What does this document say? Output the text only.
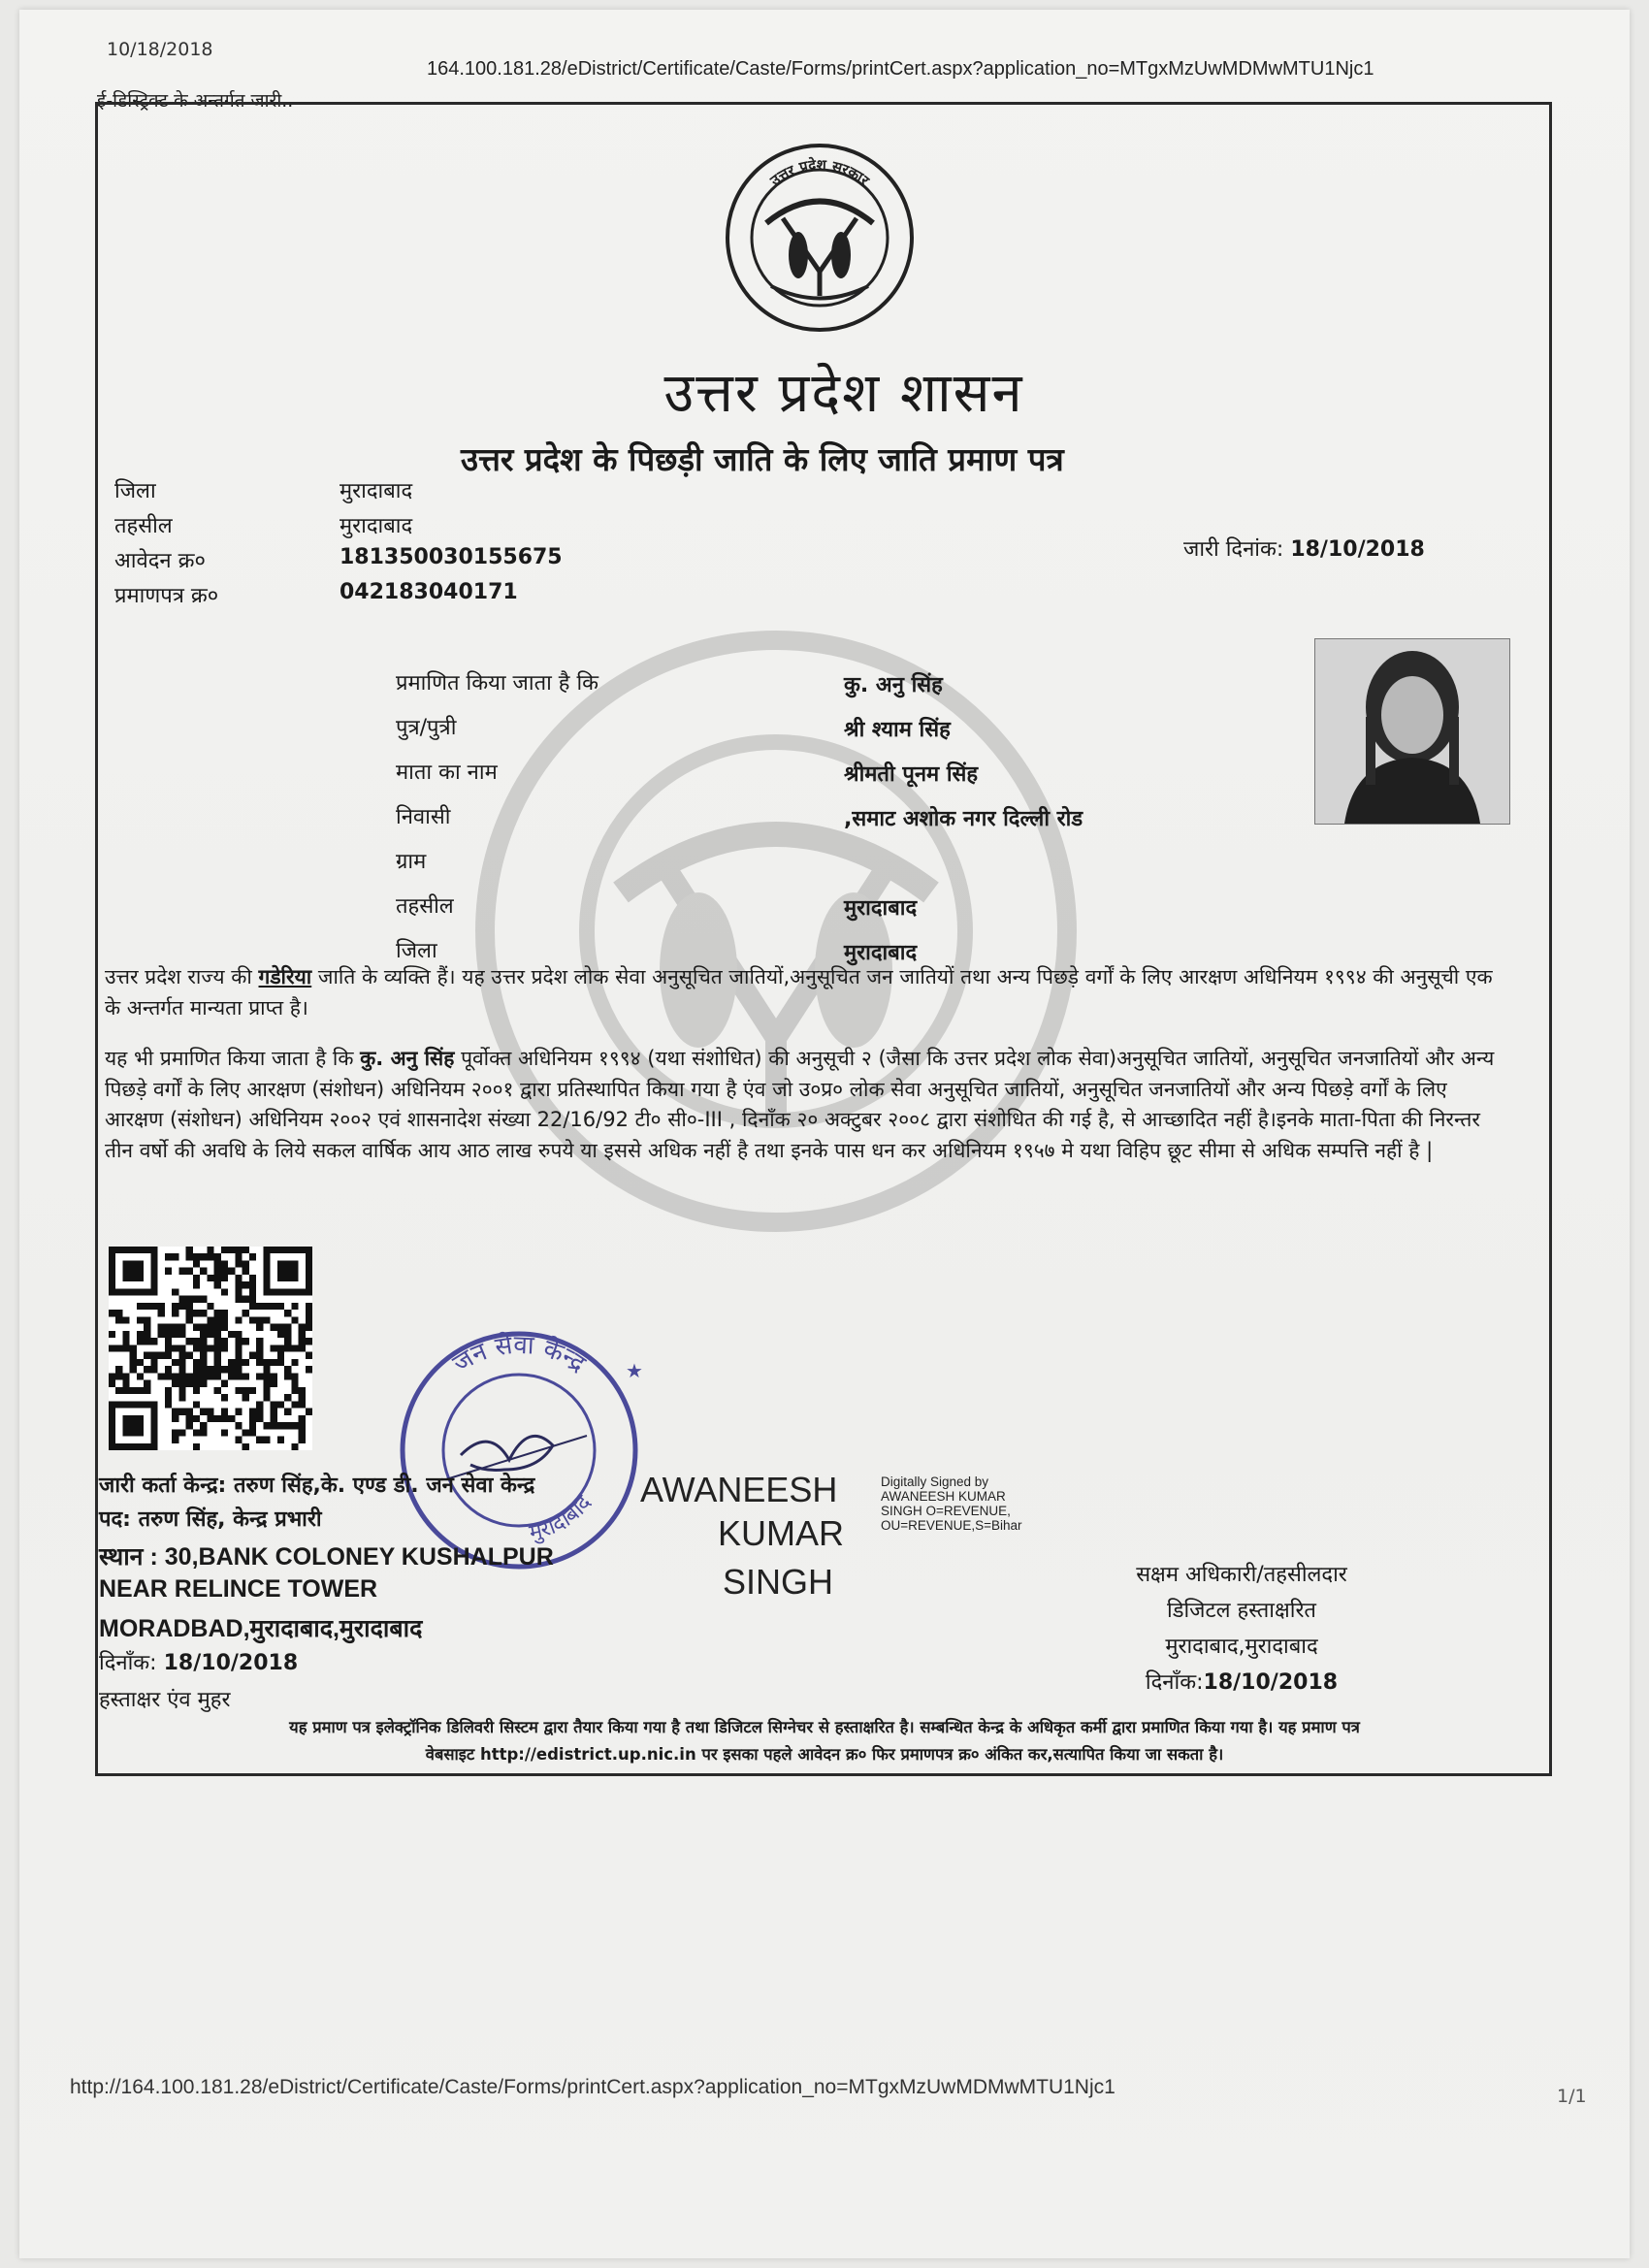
10/18/2018
164.100.181.28/eDistrict/Certificate/Caste/Forms/printCert.aspx?application_no=MTgxMzUwMDMwMTU1Njc1
ई-डिस्ट्रिक्ट के अन्तर्गत जारी..
उत्तर प्रदेश सरकार
उत्तर प्रदेश शासन
उत्तर प्रदेश के पिछड़ी जाति के लिए जाति प्रमाण पत्र
जिला	मुरादाबाद
तहसील	मुरादाबाद
आवेदन क्र०	181350030155675
प्रमाणपत्र क्र०	042183040171
जारी दिनांक: 18/10/2018
प्रमाणित किया जाता है कि	कु. अनु सिंह
पुत्र/पुत्री	श्री श्याम सिंह
माता का नाम	श्रीमती पूनम सिंह
निवासी	,समाट अशोक नगर दिल्ली रोड
ग्राम
तहसील	मुरादाबाद
जिला	मुरादाबाद
उत्तर प्रदेश राज्य की गडेरिया जाति के व्यक्ति हैं। यह उत्तर प्रदेश लोक सेवा अनुसूचित जातियों,अनुसूचित जन जातियों तथा अन्य पिछड़े वर्गों के लिए आरक्षण अधिनियम १९९४ की अनुसूची एक के अन्तर्गत मान्यता प्राप्त है।
यह भी प्रमाणित किया जाता है कि कु. अनु सिंह पूर्वोक्त अधिनियम १९९४ (यथा संशोधित) की अनुसूची २ (जैसा कि उत्तर प्रदेश लोक सेवा)अनुसूचित जातियों, अनुसूचित जनजातियों और अन्य पिछड़े वर्गों के लिए आरक्षण (संशोधन) अधिनियम २००१ द्वारा प्रतिस्थापित किया गया है एंव जो उ०प्र० लोक सेवा अनुसूचित जातियों, अनुसूचित जनजातियों और अन्य पिछड़े वर्गों के लिए आरक्षण (संशोधन) अधिनियम २००२ एवं शासनादेश संख्या 22/16/92 टी० सी०-III , दिनाँक २० अक्टुबर २००८ द्वारा संशोधित की गई है, से आच्छादित नहीं है।इनके माता-पिता की निरन्तर तीन वर्षो की अवधि के लिये सकल वार्षिक आय आठ लाख रुपये या इससे अधिक नहीं है तथा इनके पास धन कर अधिनियम १९५७ मे यथा विहिप छूट सीमा से अधिक सम्पत्ति नहीं है |
जन सेवा केन्द्र
मुरादाबाद
★
जारी कर्ता केन्द्र: तरुण सिंह,के. एण्ड डी. जन सेवा केन्द्र
पद: तरुण सिंह, केन्द्र प्रभारी
स्थान : 30,BANK COLONEY KUSHALPUR
NEAR RELINCE TOWER
MORADBAD,मुरादाबाद,मुरादाबाद
दिनाँक: 18/10/2018
हस्ताक्षर एंव मुहर
AWANEESH
KUMAR
SINGH
Digitally Signed by
AWANEESH KUMAR
SINGH O=REVENUE,
OU=REVENUE,S=Bihar
सक्षम अधिकारी/तहसीलदार
डिजिटल हस्ताक्षरित
मुरादाबाद,मुरादाबाद
दिनाँक:18/10/2018
यह प्रमाण पत्र इलेक्ट्रॉनिक डिलिवरी सिस्टम द्वारा तैयार किया गया है तथा डिजिटल सिग्नेचर से हस्ताक्षरित है। सम्बन्धित केन्द्र के अधिकृत कर्मी द्वारा प्रमाणित किया गया है। यह प्रमाण पत्र
वेबसाइट http://edistrict.up.nic.in पर इसका पहले आवेदन क्र० फिर प्रमाणपत्र क्र० अंकित कर,सत्यापित किया जा सकता है।
http://164.100.181.28/eDistrict/Certificate/Caste/Forms/printCert.aspx?application_no=MTgxMzUwMDMwMTU1Njc1	1/1
